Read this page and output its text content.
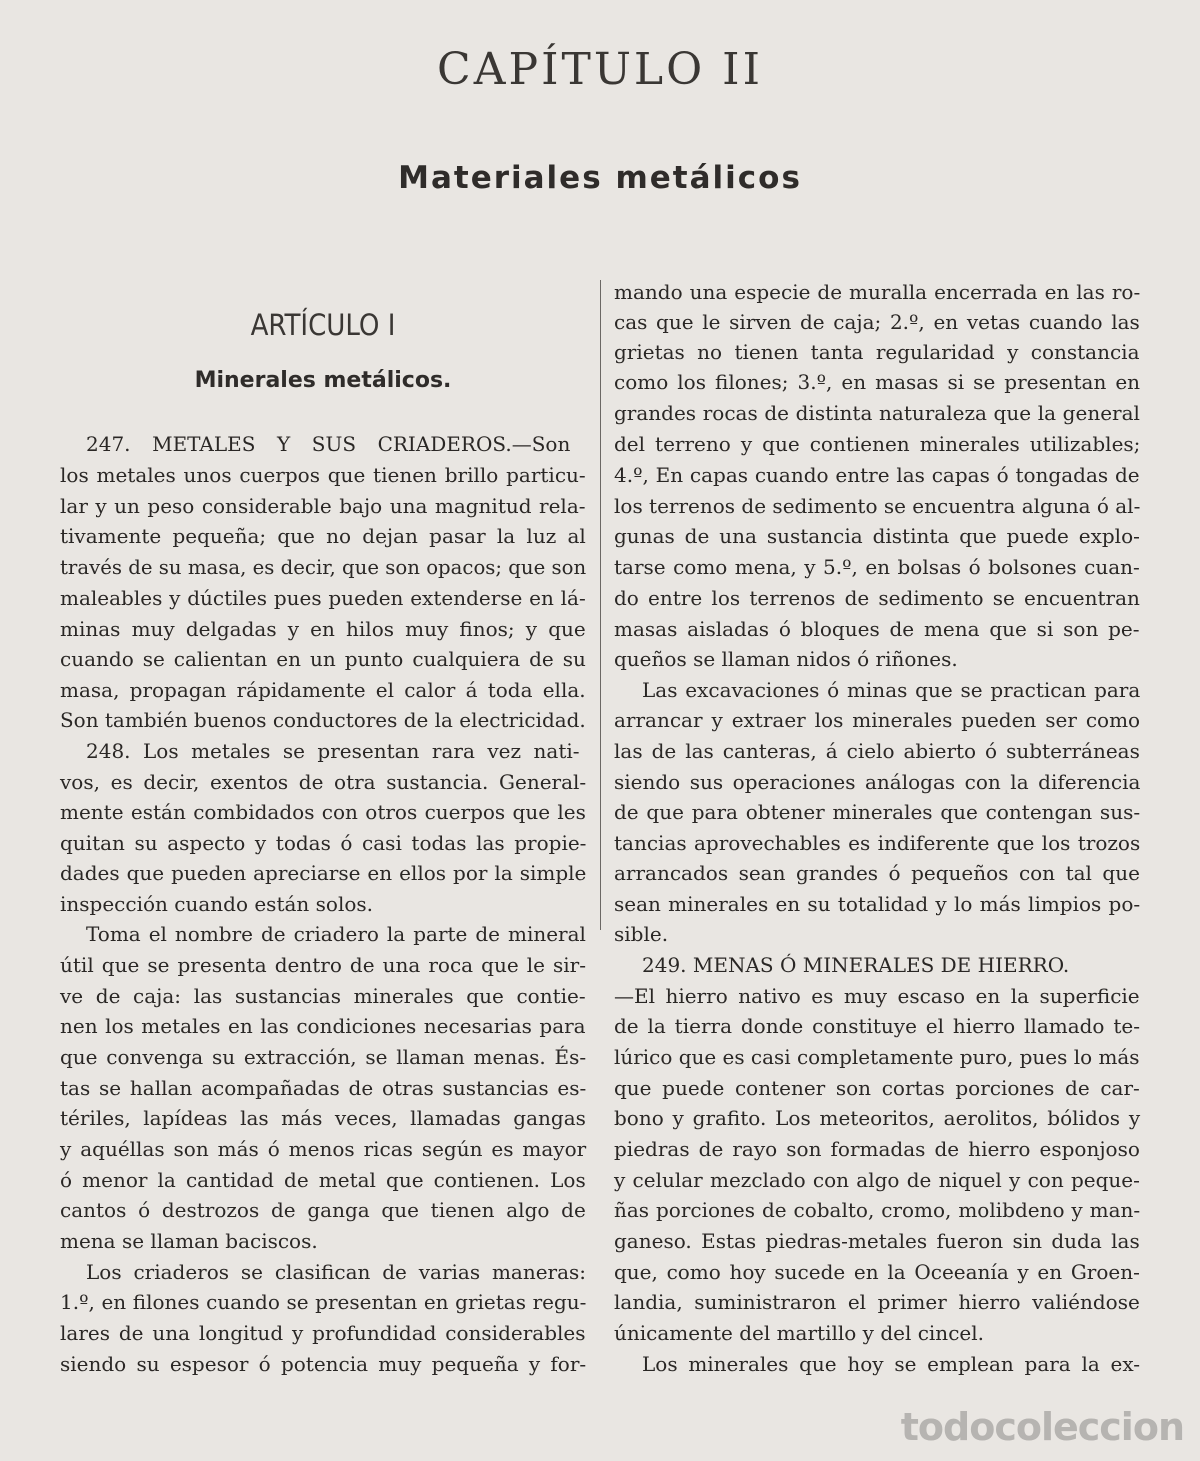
CAPÍTULO II
Materiales metálicos
ARTÍCULO I
Minerales metálicos.
247. METALES Y SUS CRIADEROS.—Son
los metales unos cuerpos que tienen brillo particu-
lar y un peso considerable bajo una magnitud rela-
tivamente pequeña; que no dejan pasar la luz al
través de su masa, es decir, que son opacos; que son
maleables y dúctiles pues pueden extenderse en lá-
minas muy delgadas y en hilos muy finos; y que
cuando se calientan en un punto cualquiera de su
masa, propagan rápidamente el calor á toda ella.
Son también buenos conductores de la electricidad.
248. Los metales se presentan rara vez nati-
vos, es decir, exentos de otra sustancia. General-
mente están combidados con otros cuerpos que les
quitan su aspecto y todas ó casi todas las propie-
dades que pueden apreciarse en ellos por la simple
inspección cuando están solos.
Toma el nombre de criadero la parte de mineral
útil que se presenta dentro de una roca que le sir-
ve de caja: las sustancias minerales que contie-
nen los metales en las condiciones necesarias para
que convenga su extracción, se llaman menas. És-
tas se hallan acompañadas de otras sustancias es-
tériles, lapídeas las más veces, llamadas gangas
y aquéllas son más ó menos ricas según es mayor
ó menor la cantidad de metal que contienen. Los
cantos ó destrozos de ganga que tienen algo de
mena se llaman baciscos.
Los criaderos se clasifican de varias maneras:
1.º, en filones cuando se presentan en grietas regu-
lares de una longitud y profundidad considerables
siendo su espesor ó potencia muy pequeña y for-
mando una especie de muralla encerrada en las ro-
cas que le sirven de caja; 2.º, en vetas cuando las
grietas no tienen tanta regularidad y constancia
como los filones; 3.º, en masas si se presentan en
grandes rocas de distinta naturaleza que la general
del terreno y que contienen minerales utilizables;
4.º, En capas cuando entre las capas ó tongadas de
los terrenos de sedimento se encuentra alguna ó al-
gunas de una sustancia distinta que puede explo-
tarse como mena, y 5.º, en bolsas ó bolsones cuan-
do entre los terrenos de sedimento se encuentran
masas aisladas ó bloques de mena que si son pe-
queños se llaman nidos ó riñones.
Las excavaciones ó minas que se practican para
arrancar y extraer los minerales pueden ser como
las de las canteras, á cielo abierto ó subterráneas
siendo sus operaciones análogas con la diferencia
de que para obtener minerales que contengan sus-
tancias aprovechables es indiferente que los trozos
arrancados sean grandes ó pequeños con tal que
sean minerales en su totalidad y lo más limpios po-
sible.
249. MENAS Ó MINERALES DE HIERRO.
—El hierro nativo es muy escaso en la superficie
de la tierra donde constituye el hierro llamado te-
lúrico que es casi completamente puro, pues lo más
que puede contener son cortas porciones de car-
bono y grafito. Los meteoritos, aerolitos, bólidos y
piedras de rayo son formadas de hierro esponjoso
y celular mezclado con algo de niquel y con peque-
ñas porciones de cobalto, cromo, molibdeno y man-
ganeso. Estas piedras-metales fueron sin duda las
que, como hoy sucede en la Oceeanía y en Groen-
landia, suministraron el primer hierro valiéndose
únicamente del martillo y del cincel.
Los minerales que hoy se emplean para la ex-
todocoleccion
